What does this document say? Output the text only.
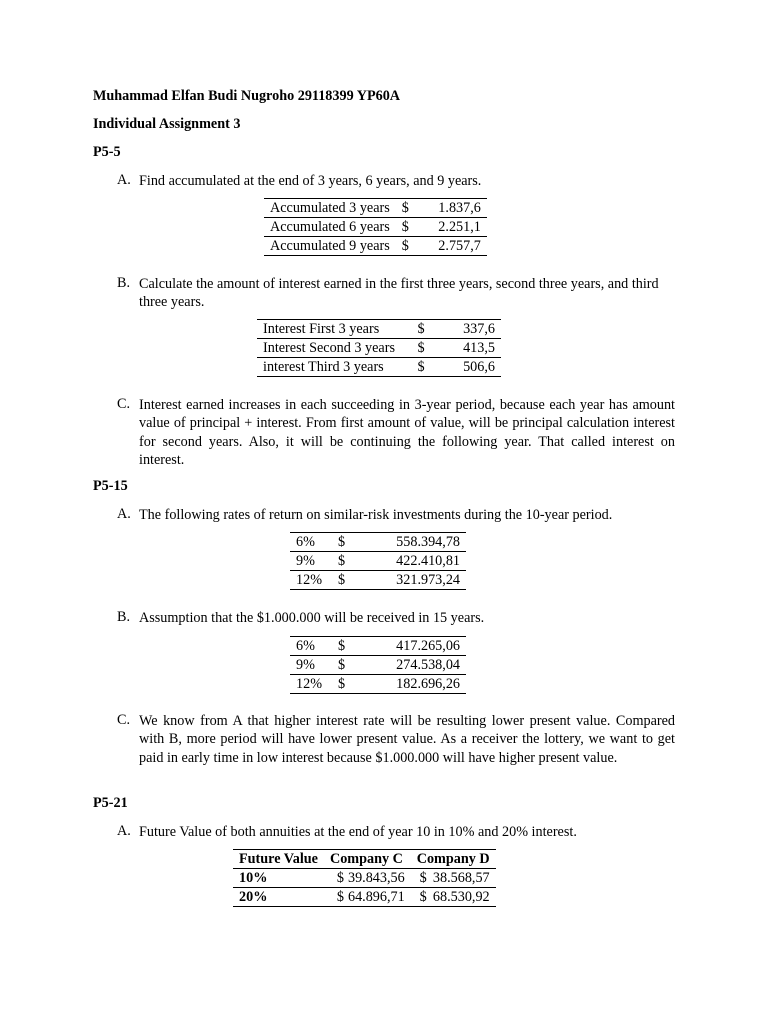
Muhammad Elfan Budi Nugroho 29118399 YP60A
Individual Assignment 3
P5-5
A. Find accumulated at the end of 3 years, 6 years, and 9 years.
Accumulated 3 years	$	1.837,6
Accumulated 6 years	$	2.251,1
Accumulated 9 years	$	2.757,7
B. Calculate the amount of interest earned in the first three years, second three years, and third three years.
Interest First 3 years	$	337,6
Interest Second 3 years	$	413,5
interest Third 3 years	$	506,6
C. Interest earned increases in each succeeding in 3-year period, because each year has amount value of principal + interest. From first amount of value, will be principal calculation interest for second years. Also, it will be continuing the following year. That called interest on interest.
P5-15
A. The following rates of return on similar-risk investments during the 10-year period.
6%	$	558.394,78
9%	$	422.410,81
12%	$	321.973,24
B. Assumption that the $1.000.000 will be received in 15 years.
6%	$	417.265,06
9%	$	274.538,04
12%	$	182.696,26
C. We know from A that higher interest rate will be resulting lower present value. Compared with B, more period will have lower present value. As a receiver the lottery, we want to get paid in early time in low interest because $1.000.000 will have higher present value.
P5-21
A. Future Value of both annuities at the end of year 10 in 10% and 20% interest.
Future Value	Company C		Company D	
10%	$	39.843,56	$	38.568,57
20%	$	64.896,71	$	68.530,92
